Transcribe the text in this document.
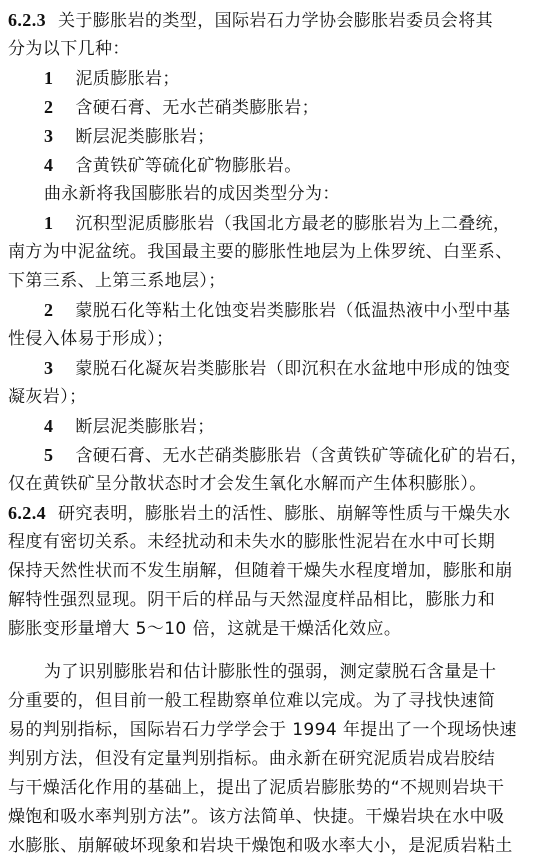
6.2.3 关于膨胀岩的类型，国际岩石力学协会膨胀岩委员会将其
分为以下几种：
1 泥质膨胀岩；
2 含硬石膏、无水芒硝类膨胀岩；
3 断层泥类膨胀岩；
4 含黄铁矿等硫化矿物膨胀岩。
曲永新将我国膨胀岩的成因类型分为：
1 沉积型泥质膨胀岩（我国北方最老的膨胀岩为上二叠统，
南方为中泥盆统。我国最主要的膨胀性地层为上侏罗统、白垩系、
下第三系、上第三系地层）；
2 蒙脱石化等粘土化蚀变岩类膨胀岩（低温热液中小型中基
性侵入体易于形成）；
3 蒙脱石化凝灰岩类膨胀岩（即沉积在水盆地中形成的蚀变
凝灰岩）；
4 断层泥类膨胀岩；
5 含硬石膏、无水芒硝类膨胀岩（含黄铁矿等硫化矿的岩石，
仅在黄铁矿呈分散状态时才会发生氧化水解而产生体积膨胀）。
6.2.4 研究表明，膨胀岩土的活性、膨胀、崩解等性质与干燥失水
程度有密切关系。未经扰动和未失水的膨胀性泥岩在水中可长期
保持天然性状而不发生崩解，但随着干燥失水程度增加，膨胀和崩
解特性强烈显现。阴干后的样品与天然湿度样品相比，膨胀力和
膨胀变形量增大 5～10 倍，这就是干燥活化效应。
为了识别膨胀岩和估计膨胀性的强弱，测定蒙脱石含量是十
分重要的，但目前一般工程勘察单位难以完成。为了寻找快速简
易的判别指标，国际岩石力学学会于 1994 年提出了一个现场快速
判别方法，但没有定量判别指标。曲永新在研究泥质岩成岩胶结
与干燥活化作用的基础上，提出了泥质岩膨胀势的“不规则岩块干
燥饱和吸水率判别方法”。该方法简单、快捷。干燥岩块在水中吸
水膨胀、崩解破坏现象和岩块干燥饱和吸水率大小，是泥质岩粘土
